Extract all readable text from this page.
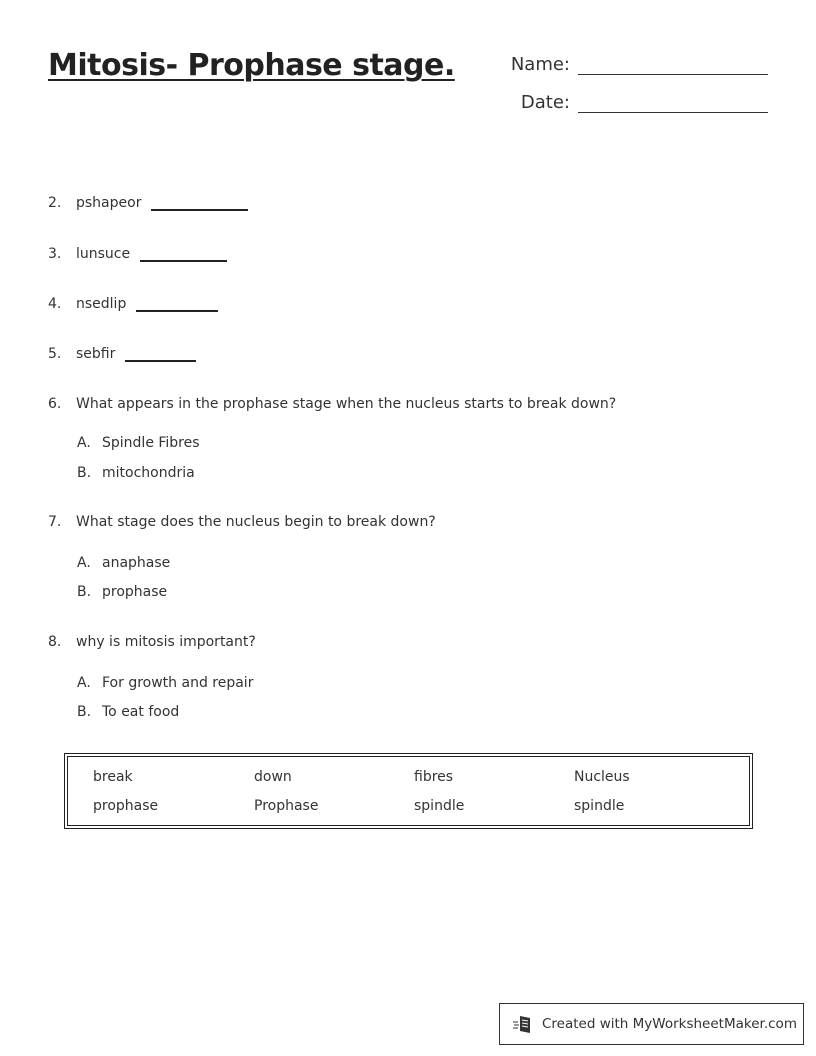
Mitosis- Prophase stage.	Name:
Date:
2.	pshapeor
3.	lunsuce
4.	nsedlip
5.	sebfir
6.	What appears in the prophase stage when the nucleus starts to break down?
A. Spindle Fibres
B. mitochondria
7.	What stage does the nucleus begin to break down?
A. anaphase
B. prophase
8.	why is mitosis important?
A. For growth and repair
B. To eat food
break	down	fibres	Nucleus
prophase	Prophase	spindle	spindle
Created with MyWorksheetMaker.com
